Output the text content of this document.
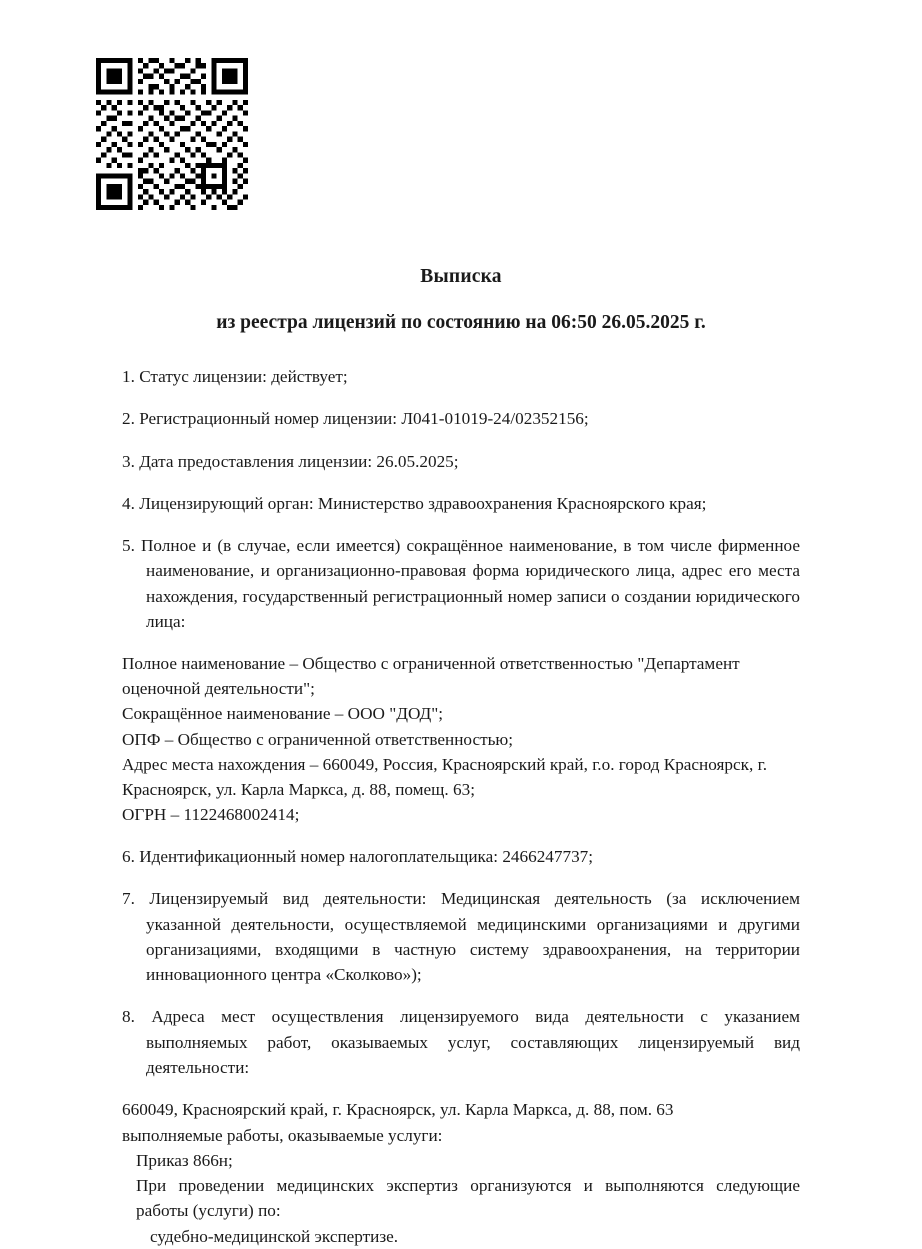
Выписка
из реестра лицензий по состоянию на 06:50 26.05.2025 г.

1. Статус лицензии: действует;

2. Регистрационный номер лицензии: Л041-01019-24/02352156;

3. Дата предоставления лицензии: 26.05.2025;

4. Лицензирующий орган: Министерство здравоохранения Красноярского края;

5. Полное и (в случае, если имеется) сокращённое наименование, в том числе фирменное наименование, и организационно-правовая форма юридического лица, адрес его места нахождения, государственный регистрационный номер записи о создании юридического лица:

Полное наименование – Общество с ограниченной ответственностью "Департамент оценочной деятельности";
Сокращённое наименование – ООО "ДОД";
ОПФ – Общество с ограниченной ответственностью;
Адрес места нахождения – 660049, Россия, Красноярский край, г.о. город Красноярск, г. Красноярск, ул. Карла Маркса, д. 88, помещ. 63;
ОГРН – 1122468002414;

6. Идентификационный номер налогоплательщика: 2466247737;

7. Лицензируемый вид деятельности: Медицинская деятельность (за исключением указанной деятельности, осуществляемой медицинскими организациями и другими организациями, входящими в частную систему здравоохранения, на территории инновационного центра «Сколково»);

8. Адреса мест осуществления лицензируемого вида деятельности с указанием выполняемых работ, оказываемых услуг, составляющих лицензируемый вид деятельности:

660049, Красноярский край, г. Красноярск, ул. Карла Маркса, д. 88, пом. 63
выполняемые работы, оказываемые услуги:
Приказ 866н;
При проведении медицинских экспертиз организуются и выполняются следующие работы (услуги) по:
судебно-медицинской экспертизе.
